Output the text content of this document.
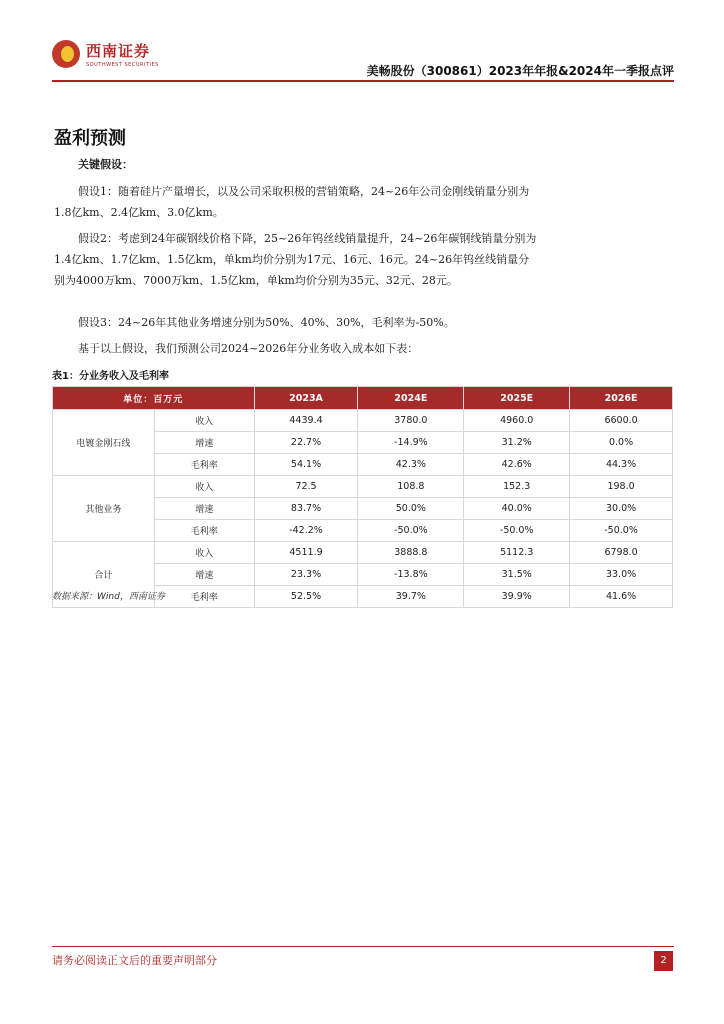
西南证券
SOUTHWEST SECURITIES	美畅股份（300861）2023年年报&2024年一季报点评
盈利预测
关键假设：
假设1：随着硅片产量增长，以及公司采取积极的营销策略，24~26年公司金刚线销量分别为1.8亿km、2.4亿km、3.0亿km。
假设2：考虑到24年碳钢线价格下降，25~26年钨丝线销量提升，24~26年碳钢线销量分别为1.4亿km、1.7亿km、1.5亿km，单km均价分别为17元、16元、16元。24~26年钨丝线销量分别为4000万km、7000万km、1.5亿km，单km均价分别为35元、32元、28元。
假设3：24~26年其他业务增速分别为50%、40%、30%，毛利率为-50%。
基于以上假设，我们预测公司2024~2026年分业务收入成本如下表：
表1：分业务收入及毛利率
单位：百万元		2023A	2024E	2025E	2026E
电镀金刚石线	收入	4439.4	3780.0	4960.0	6600.0
	增速	22.7%	-14.9%	31.2%	0.0%
	毛利率	54.1%	42.3%	42.6%	44.3%
其他业务	收入	72.5	108.8	152.3	198.0
	增速	83.7%	50.0%	40.0%	30.0%
	毛利率	-42.2%	-50.0%	-50.0%	-50.0%
合计	收入	4511.9	3888.8	5112.3	6798.0
	增速	23.3%	-13.8%	31.5%	33.0%
	毛利率	52.5%	39.7%	39.9%	41.6%
数据来源：Wind，西南证券
请务必阅读正文后的重要声明部分	2
